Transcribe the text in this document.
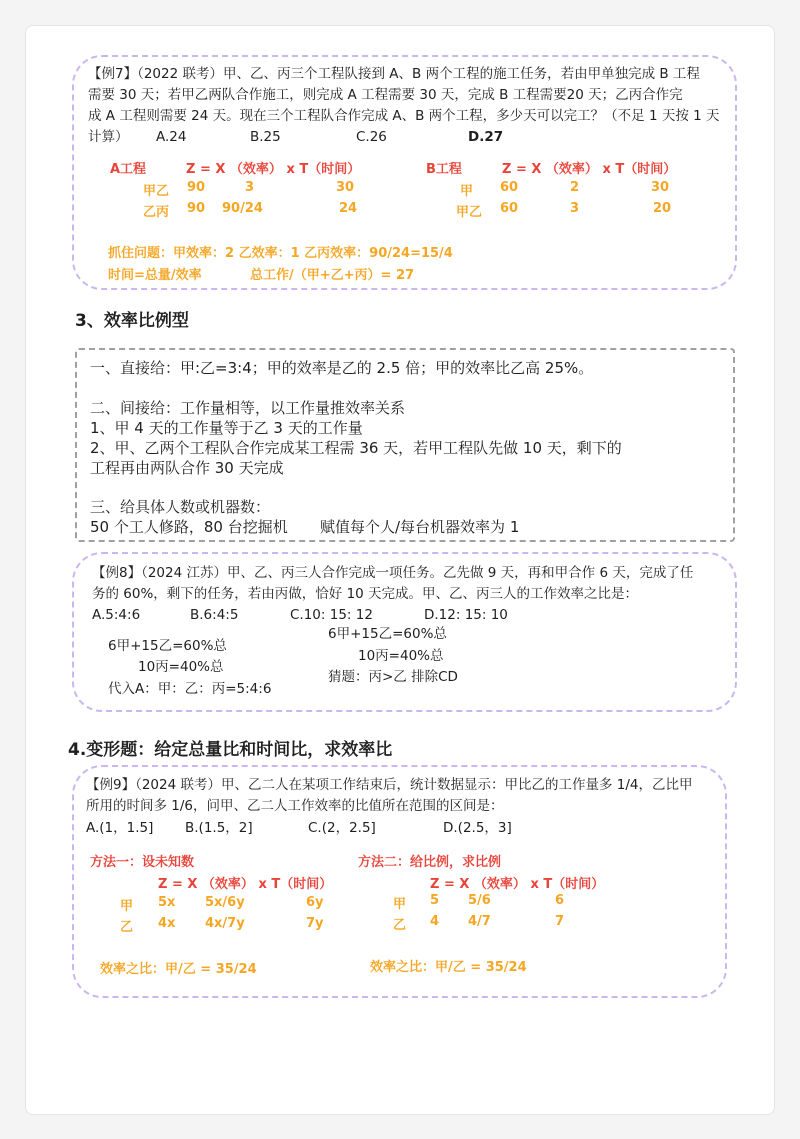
【例7】（2022 联考）甲、乙、丙三个工程队接到 A、B 两个工程的施工任务，若由甲单独完成 B 工程
需要 30 天；若甲乙两队合作施工，则完成 A 工程需要 30 天，完成 B 工程需要20 天；乙丙合作完
成 A 工程则需要 24 天。现在三个工程队合作完成 A、B 两个工程，多少天可以完工？（不足 1 天按 1 天
计算） A.24	B.25	C.26	D.27
A工程	Z = X （效率） x T（时间）
甲乙 90	3	30
乙丙 90 90/24	24
B工程	Z = X （效率） x T（时间）
甲 60	2	30
甲乙 60	3	20
抓住问题：甲效率：2 乙效率：1 乙丙效率：90/24=15/4
时间=总量/效率	总工作/（甲+乙+丙）= 27
3、效率比例型
一、直接给：甲:乙=3:4；甲的效率是乙的 2.5 倍；甲的效率比乙高 25%。
二、间接给：工作量相等，以工作量推效率关系
1、甲 4 天的工作量等于乙 3 天的工作量
2、甲、乙两个工程队合作完成某工程需 36 天，若甲工程队先做 10 天，剩下的
工程再由两队合作 30 天完成
三、给具体人数或机器数：
50 个工人修路，80 台挖掘机 赋值每个人/每台机器效率为 1
【例8】（2024 江苏）甲、乙、丙三人合作完成一项任务。乙先做 9 天，再和甲合作 6 天，完成了任
务的 60%，剩下的任务，若由丙做，恰好 10 天完成。甲、乙、丙三人的工作效率之比是：
A.5:4:6	B.6:4:5	C.10: 15: 12	D.12: 15: 10
6甲+15乙=60%总
10丙=40%总
代入A：甲：乙：丙=5:4:6
6甲+15乙=60%总
10丙=40%总
猜题：丙>乙 排除CD
4.变形题：给定总量比和时间比，求效率比
【例9】（2024 联考）甲、乙二人在某项工作结束后，统计数据显示：甲比乙的工作量多 1/4，乙比甲
所用的时间多 1/6，问甲、乙二人工作效率的比值所在范围的区间是：
A.(1，1.5] B.(1.5，2]	C.(2，2.5]	D.(2.5，3]
方法一：设未知数
Z = X （效率） x T（时间）
甲 5x 5x/6y	6y
乙 4x 4x/7y	7y
效率之比：甲/乙 = 35/24
方法二：给比例，求比例
Z = X （效率） x T（时间）
甲 5 5/6	6
乙 4 4/7	7
效率之比：甲/乙 = 35/24
